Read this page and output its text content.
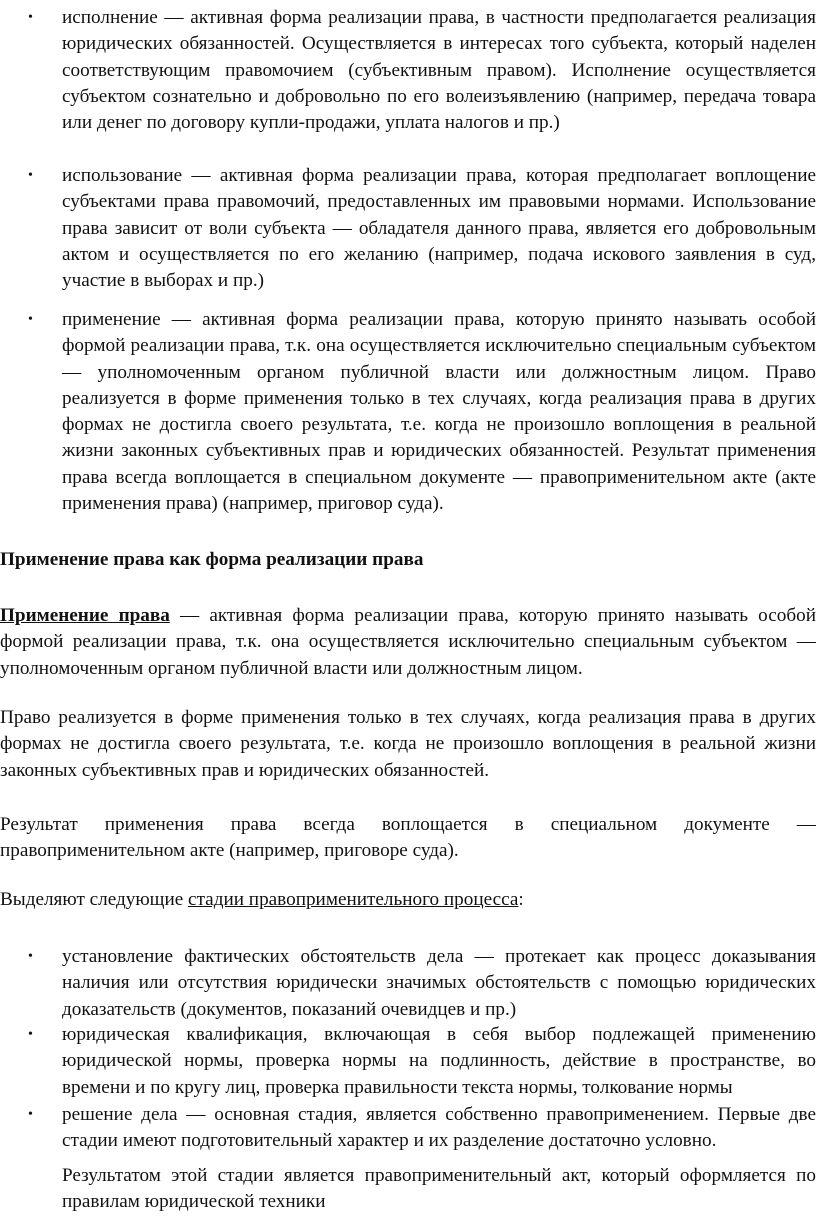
• исполнение — активная форма реализации права, в частности предполагается реализация юридических обязанностей. Осуществляется в интересах того субъекта, который наделен соответствующим правомочием (субъективным правом). Исполнение осуществляется субъектом сознательно и добровольно по его волеизъявлению (например, передача товара или денег по договору купли-продажи, уплата налогов и пр.)
• использование — активная форма реализации права, которая предполагает воплощение субъектами права правомочий, предоставленных им правовыми нормами. Использование права зависит от воли субъекта — обладателя данного права, является его добровольным актом и осуществляется по его желанию (например, подача искового заявления в суд, участие в выборах и пр.)
• применение — активная форма реализации права, которую принято называть особой формой реализации права, т.к. она осуществляется исключительно специальным субъектом — уполномоченным органом публичной власти или должностным лицом. Право реализуется в форме применения только в тех случаях, когда реализация права в других формах не достигла своего результата, т.е. когда не произошло воплощения в реальной жизни законных субъективных прав и юридических обязанностей. Результат применения права всегда воплощается в специальном документе — правоприменительном акте (акте применения права) (например, приговор суда).
Применение права как форма реализации права
Применение права — активная форма реализации права, которую принято называть особой формой реализации права, т.к. она осуществляется исключительно специальным субъектом — уполномоченным органом публичной власти или должностным лицом.
Право реализуется в форме применения только в тех случаях, когда реализация права в других формах не достигла своего результата, т.е. когда не произошло воплощения в реальной жизни законных субъективных прав и юридических обязанностей.
Результат применения права всегда воплощается в специальном документе — правоприменительном акте (например, приговоре суда).
Выделяют следующие стадии правоприменительного процесса:
• установление фактических обстоятельств дела — протекает как процесс доказывания наличия или отсутствия юридически значимых обстоятельств с помощью юридических доказательств (документов, показаний очевидцев и пр.)
• юридическая квалификация, включающая в себя выбор подлежащей применению юридической нормы, проверка нормы на подлинность, действие в пространстве, во времени и по кругу лиц, проверка правильности текста нормы, толкование нормы
• решение дела — основная стадия, является собственно правоприменением. Первые две стадии имеют подготовительный характер и их разделение достаточно условно.
Результатом этой стадии является правоприменительный акт, который оформляется по правилам юридической техники
